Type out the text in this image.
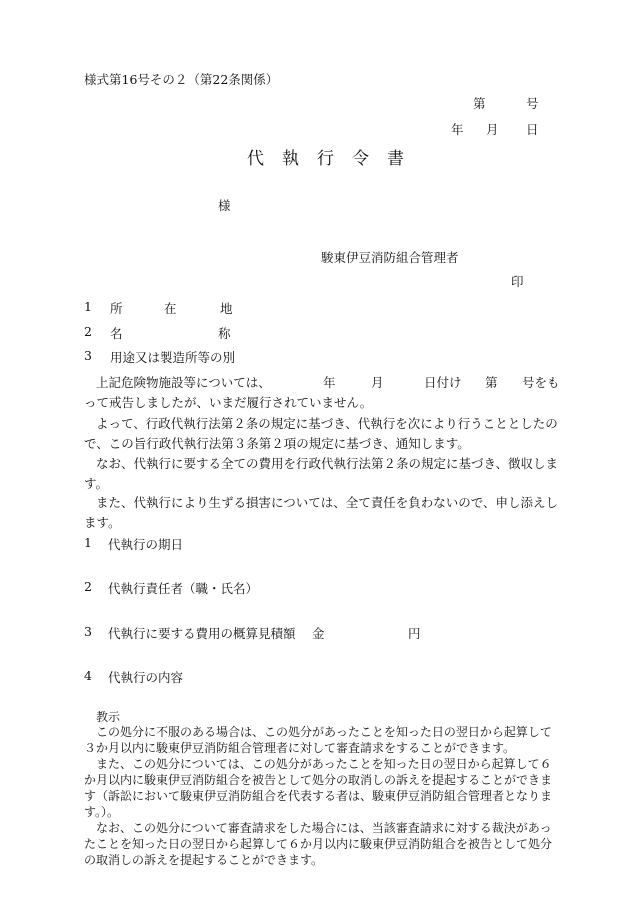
様式第16号その２（第22条関係）
第	号
年 月 日
代執行令書
様
駿東伊豆消防組合管理者
印
1 所	在	地
2 名	称
3 用途又は製造所等の別
上記危険物施設等については、	年	月	日付け 第 号をも
って戒告しましたが、いまだ履行されていません。
よって、行政代執行法第２条の規定に基づき、代執行を次により行うこととしたので、この旨行政代執行法第３条第２項の規定に基づき、通知します。
なお、代執行に要する全ての費用を行政代執行法第２条の規定に基づき、徴収します。
また、代執行により生ずる損害については、全て責任を負わないので、申し添えします。
1 代執行の期日
2 代執行責任者（職・氏名）
3 代執行に要する費用の概算見積額 金	円
4 代執行の内容
教示

この処分に不服のある場合は、この処分があったことを知った日の翌日から起算して３か月以内に駿東伊豆消防組合管理者に対して審査請求をすることができます。

また、この処分については、この処分があったことを知った日の翌日から起算して６か月以内に駿東伊豆消防組合を被告として処分の取消しの訴えを提起することができます（訴訟において駿東伊豆消防組合を代表する者は、駿東伊豆消防組合管理者となります。）。

なお、この処分について審査請求をした場合には、当該審査請求に対する裁決があったことを知った日の翌日から起算して６か月以内に駿東伊豆消防組合を被告として処分の取消しの訴えを提起することができます。
